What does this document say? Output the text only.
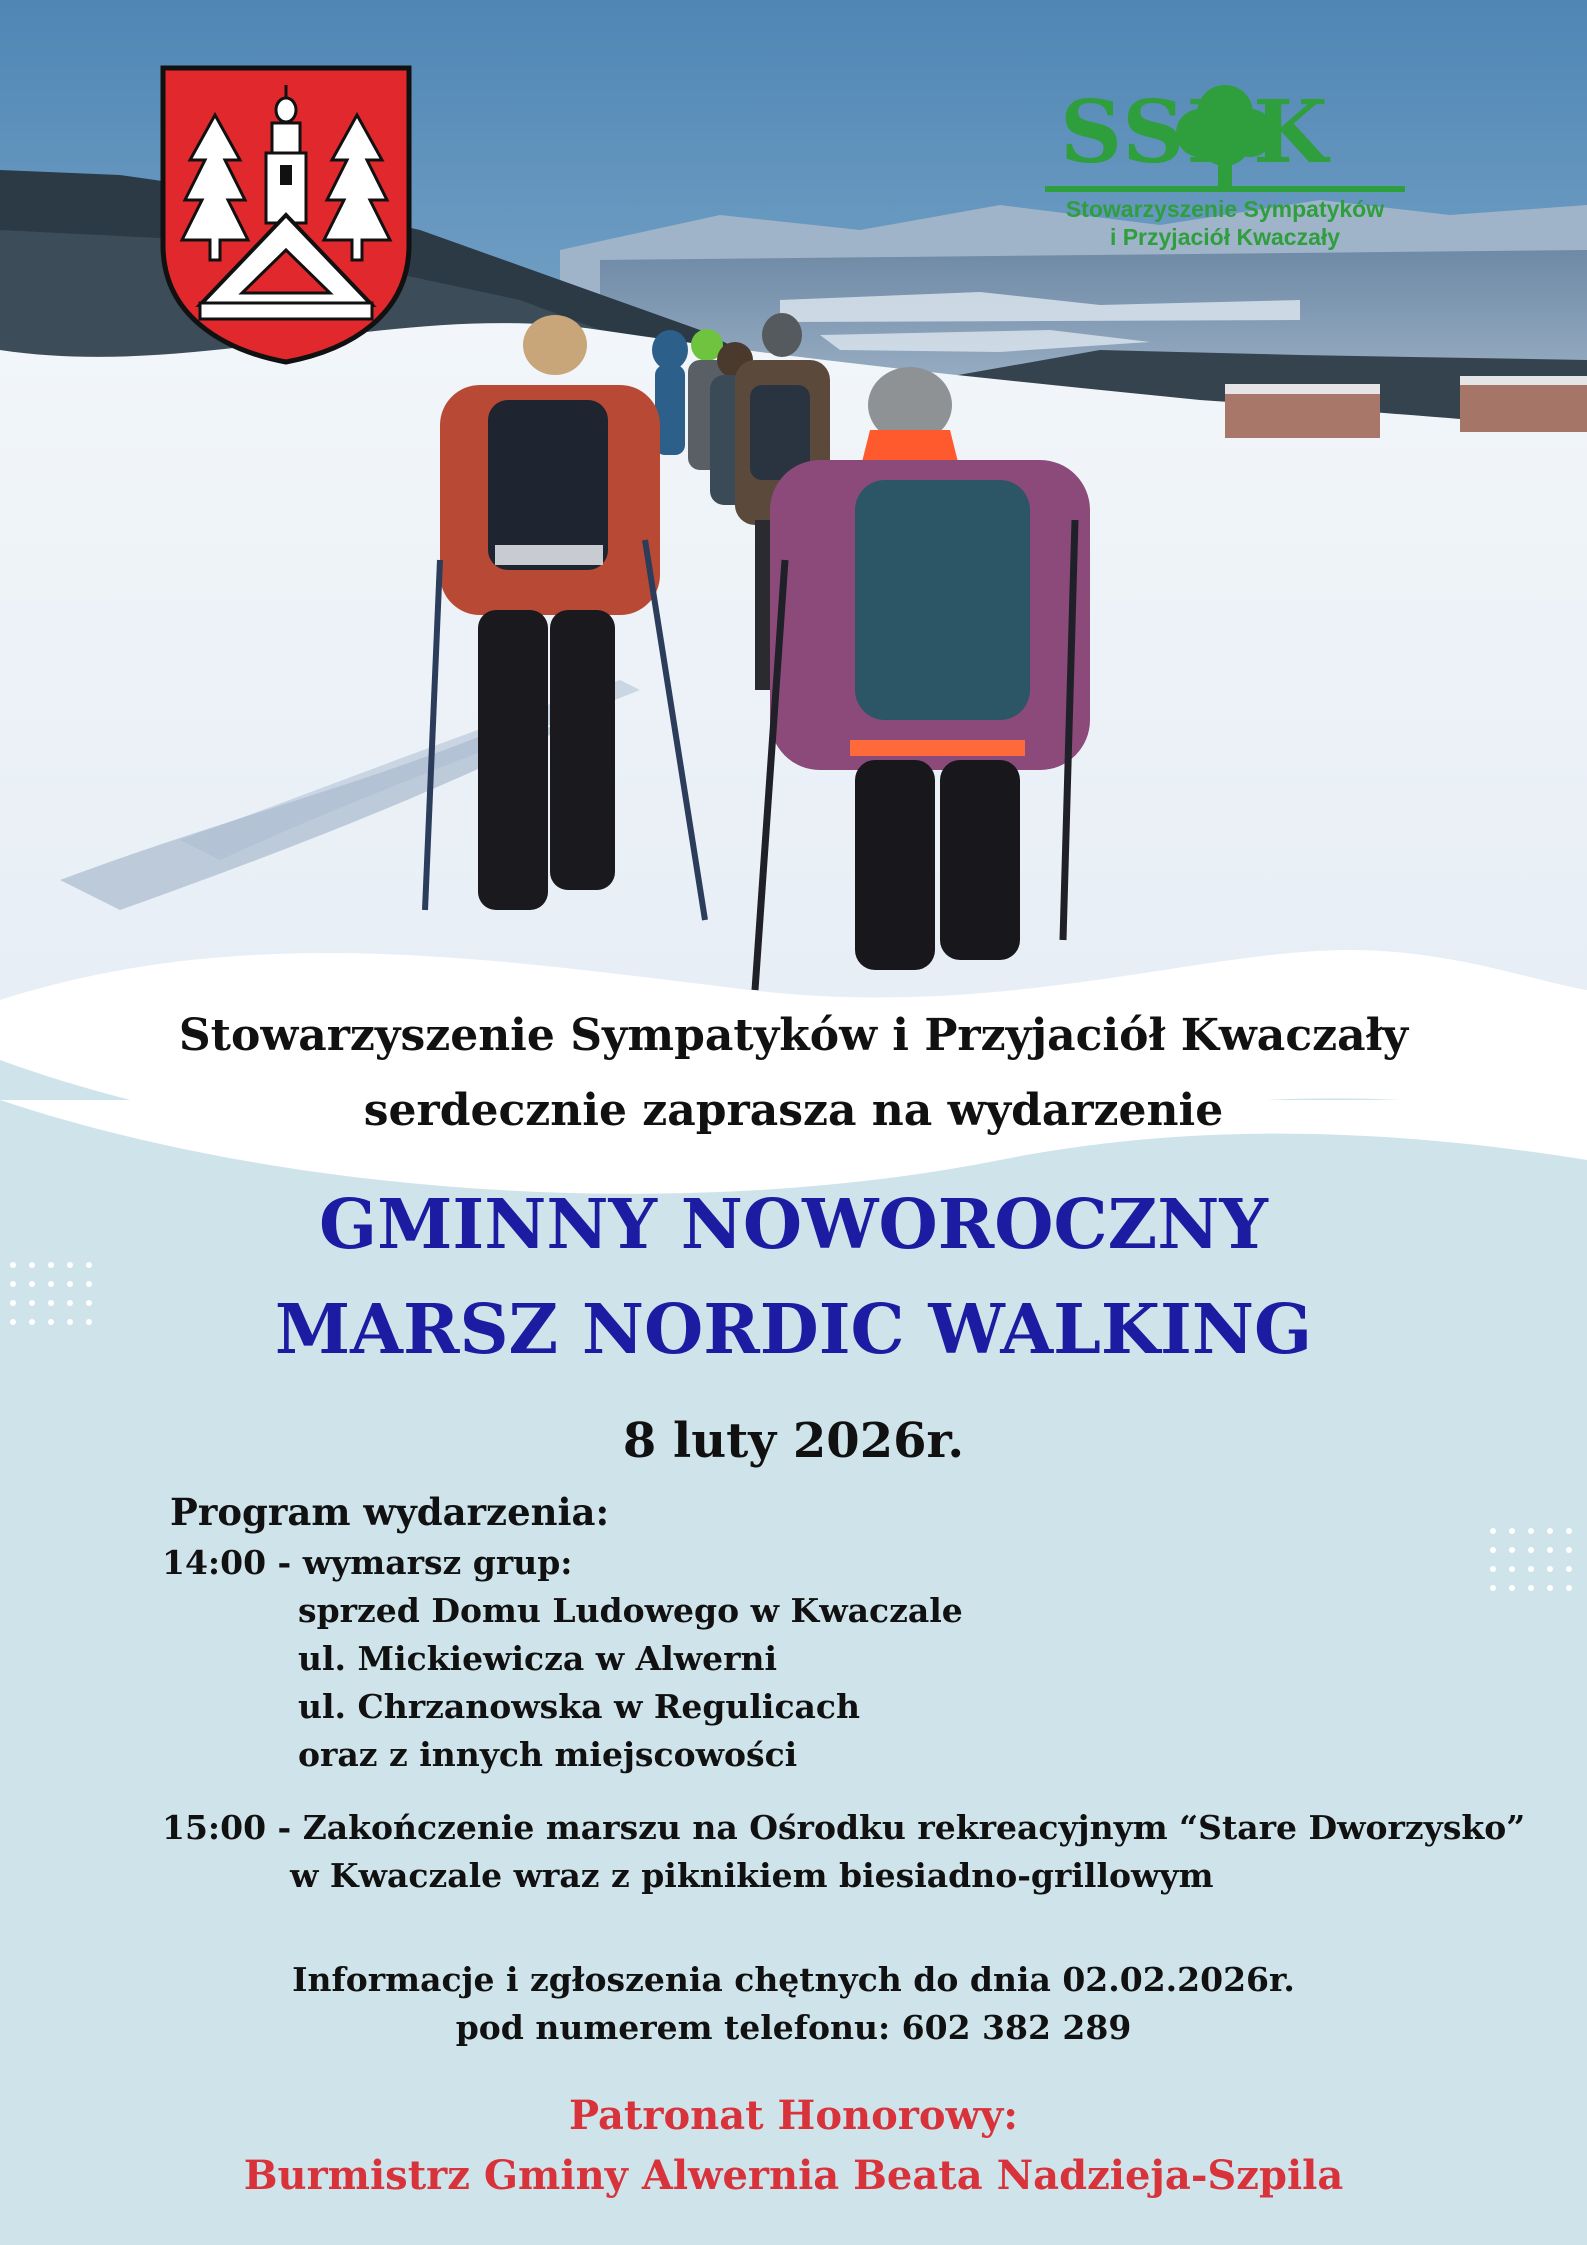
SSPK
Stowarzyszenie Sympatyków
i Przyjaciół Kwaczały
Stowarzyszenie Sympatyków i Przyjaciół Kwaczały
serdecznie zaprasza na wydarzenie
GMINNY NOWOROCZNY
MARSZ NORDIC WALKING
8 luty 2026r.
Program wydarzenia:
14:00 - wymarsz grup:
sprzed Domu Ludowego w Kwaczale
ul. Mickiewicza w Alwerni
ul. Chrzanowska w Regulicach
oraz z innych miejscowości
15:00 - Zakończenie marszu na Ośrodku rekreacyjnym “Stare Dworzysko”
w Kwaczale wraz z piknikiem biesiadno-grillowym
Informacje i zgłoszenia chętnych do dnia 02.02.2026r.
pod numerem telefonu: 602 382 289
Patronat Honorowy:
Burmistrz Gminy Alwernia Beata Nadzieja-Szpila
